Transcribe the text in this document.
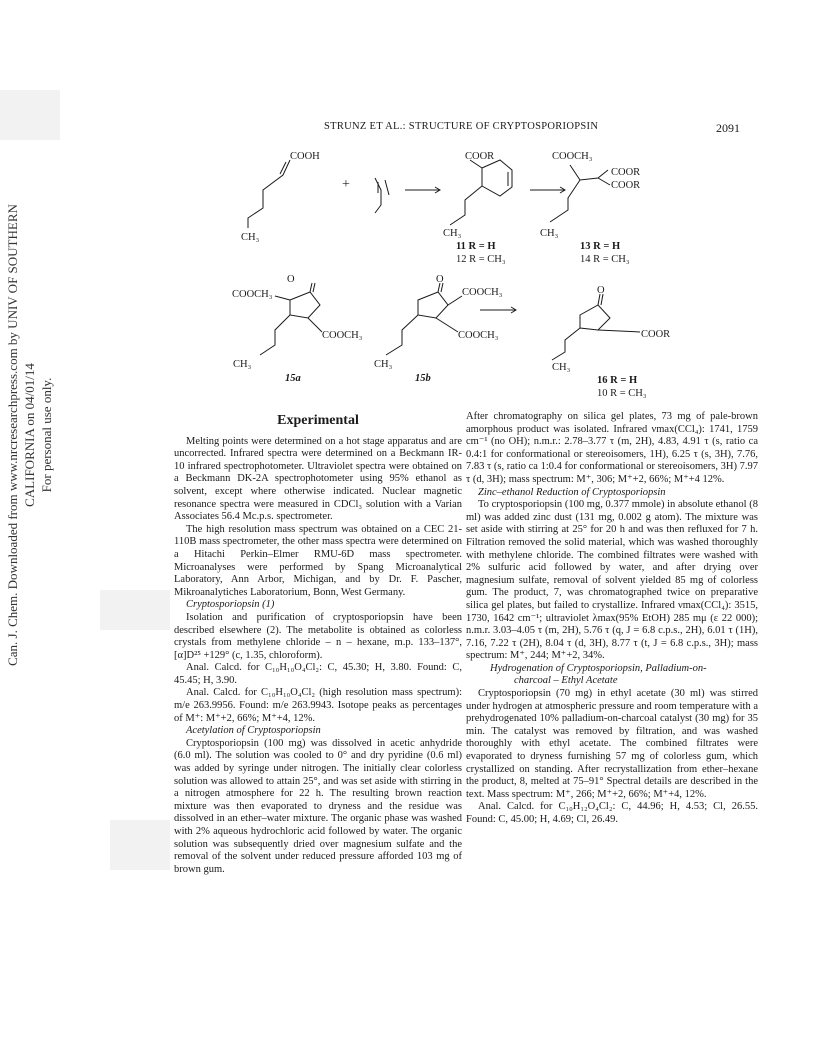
Can. J. Chem. Downloaded from www.nrcresearchpress.com by UNIV OF SOUTHERN CALIFORNIA on 04/01/14 For personal use only.
STRUNZ ET AL.: STRUCTURE OF CRYPTOSPORIOPSIN	2091
COOH
CH₃
+
COOR
CH₃
11 R = H
12 R = CH₃
COOCH₃
COOR
COOR
CH₃
13 R = H
14 R = CH₃
O
COOCH₃
COOCH₃
CH₃
15a
O
COOCH₃
COOCH₃
CH₃
15b
O
COOR
CH₃
16 R = H
10 R = CH₃
Experimental

Melting points were determined on a hot stage apparatus and are uncorrected. Infrared spectra were determined on a Beckmann IR-10 infrared spectrophotometer. Ultraviolet spectra were obtained on a Beckmann DK-2A spectrophotometer using 95% ethanol as solvent, except where otherwise indicated. Nuclear magnetic resonance spectra were measured in CDCl₃ solution with a Varian Associates 56.4 Mc.p.s. spectrometer.

The high resolution mass spectrum was obtained on a CEC 21-110B mass spectrometer, the other mass spectra were determined on a Hitachi Perkin–Elmer RMU-6D mass spectrometer. Microanalyses were performed by Spang Microanalytical Laboratory, Ann Arbor, Michigan, and by Dr. F. Pascher, Mikroanalytiches Laboratorium, Bonn, West Germany.

Cryptosporiopsin (1)

Isolation and purification of cryptosporiopsin have been described elsewhere (2). The metabolite is obtained as colorless crystals from methylene chloride – n – hexane, m.p. 133–137°, [α]D²⁵ +129° (c, 1.35, chloroform).

Anal. Calcd. for C₁₀H₁₀O₄Cl₂: C, 45.30; H, 3.80. Found: C, 45.45; H, 3.90.

Anal. Calcd. for C₁₀H₁₀O₄Cl₂ (high resolution mass spectrum): m/e 263.9956. Found: m/e 263.9943. Isotope peaks as percentages of M⁺: M⁺+2, 66%; M⁺+4, 12%.

Acetylation of Cryptosporiopsin

Cryptosporiopsin (100 mg) was dissolved in acetic anhydride (6.0 ml). The solution was cooled to 0° and dry pyridine (0.6 ml) was added by syringe under nitrogen. The initially clear colorless solution was allowed to attain 25°, and was set aside with stirring in a nitrogen atmosphere for 22 h. The resulting brown reaction mixture was then evaporated to dryness and the residue was dissolved in an ether–water mixture. The organic phase was washed with 2% aqueous hydrochloric acid followed by water. The organic solution was subsequently dried over magnesium sulfate and the removal of the solvent under reduced pressure afforded 103 mg of brown gum.

After chromatography on silica gel plates, 73 mg of pale-brown amorphous product was isolated. Infrared νmax(CCl₄): 1741, 1759 cm⁻¹ (no OH); n.m.r.: 2.78–3.77 τ (m, 2H), 4.83, 4.91 τ (s, ratio ca 0.4:1 for conformational or stereoisomers, 1H), 6.25 τ (s, 3H), 7.76, 7.83 τ (s, ratio ca 1:0.4 for conformational or stereoisomers, 3H) 7.97 τ (d, 3H); mass spectrum: M⁺, 306; M⁺+2, 66%; M⁺+4 12%.

Zinc–ethanol Reduction of Cryptosporiopsin

To cryptosporiopsin (100 mg, 0.377 mmole) in absolute ethanol (8 ml) was added zinc dust (131 mg, 0.002 g atom). The mixture was set aside with stirring at 25° for 20 h and was then refluxed for 7 h. Filtration removed the solid material, which was washed thoroughly with methylene chloride. The combined filtrates were washed with 2% sulfuric acid followed by water, and after drying over magnesium sulfate, removal of solvent yielded 85 mg of colorless gum. The product, 7, was chromatographed twice on preparative silica gel plates, but failed to crystallize. Infrared νmax(CCl₄): 3515, 1730, 1642 cm⁻¹; ultraviolet λmax(95% EtOH) 285 mμ (ε 22 000); n.m.r. 3.03–4.05 τ (m, 2H), 5.76 τ (q, J = 6.8 c.p.s., 2H), 6.01 τ (1H), 7.16, 7.22 τ (2H), 8.04 τ (d, 3H), 8.77 τ (t, J = 6.8 c.p.s., 3H); mass spectrum: M⁺, 244; M⁺+2, 34%.

Hydrogenation of Cryptosporiopsin, Palladium-on-
charcoal – Ethyl Acetate

Cryptosporiopsin (70 mg) in ethyl acetate (30 ml) was stirred under hydrogen at atmospheric pressure and room temperature with a prehydrogenated 10% palladium-on-charcoal catalyst (30 mg) for 35 min. The catalyst was removed by filtration, and was washed thoroughly with ethyl acetate. The combined filtrates were evaporated to dryness furnishing 57 mg of colorless gum, which crystallized on standing. After recrystallization from ether–hexane the product, 8, melted at 75–91° Spectral details are described in the text. Mass spectrum: M⁺, 266; M⁺+2, 66%; M⁺+4, 12%.

Anal. Calcd. for C₁₀H₁₂O₄Cl₂: C, 44.96; H, 4.53; Cl, 26.55. Found: C, 45.00; H, 4.69; Cl, 26.49.
